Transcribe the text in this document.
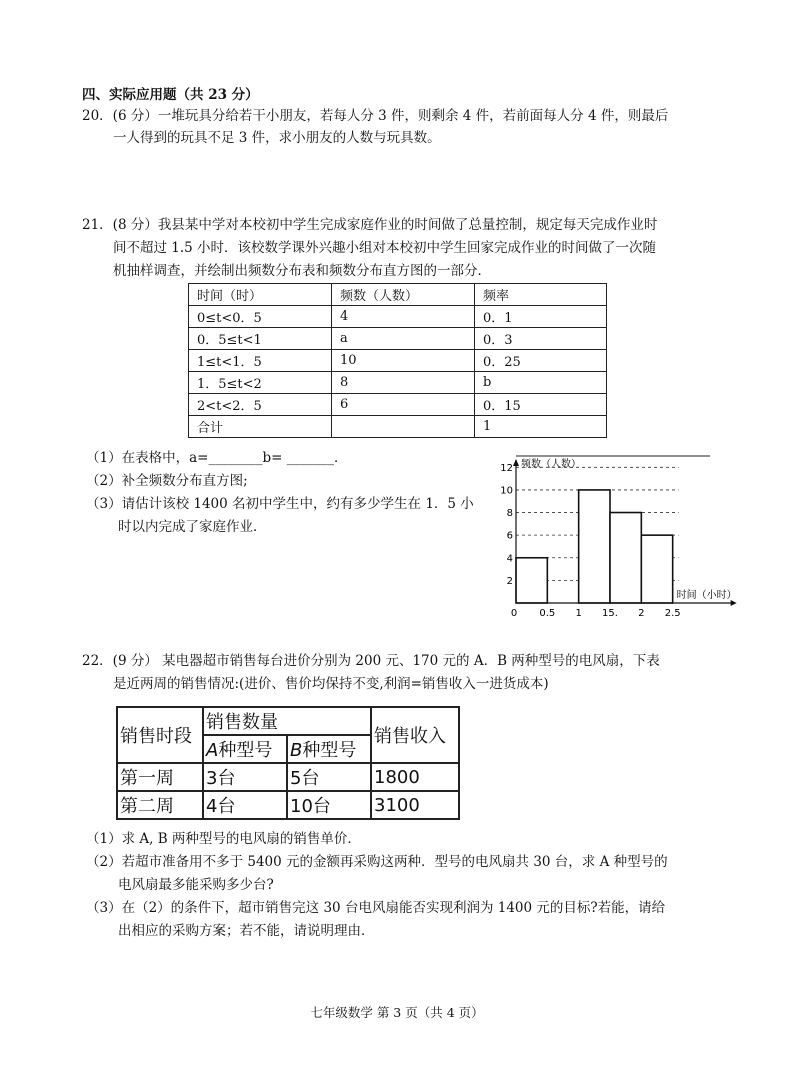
四、实际应用题（共 23 分）
20．(6 分）一堆玩具分给若干小朋友，若每人分 3 件，则剩余 4 件，若前面每人分 4 件，则最后
一人得到的玩具不足 3 件，求小朋友的人数与玩具数。
21．(8 分）我县某中学对本校初中学生完成家庭作业的时间做了总量控制，规定每天完成作业时
间不超过 1.5 小时．该校数学课外兴趣小组对本校初中学生回家完成作业的时间做了一次随
机抽样调查，并绘制出频数分布表和频数分布直方图的一部分．
时间（时）	频数（人数）	频率
0≤t<0．5	4	0．1
0．5≤t<1	a	0．3
1≤t<1．5	10	0．25
1．5≤t<2	8	b
2<t<2．5	6	0．15
合计		1
（1）在表格中，a=________b= _______．
（2）补全频数分布直方图;
（3）请估计该校 1400 名初中学生中，约有多少学生在 1．5 小
时以内完成了家庭作业．
2
4
6
8
10
12
0 0.5 1 15. 2 2.5
频数（人数）
时间（小时）
22．(9 分） 某电器超市销售每台进价分别为 200 元、170 元的 A．B 两种型号的电风扇，下表
是近两周的销售情况:(进价、售价均保持不变,利润=销售收入一进货成本)
销售时段	销售数量		销售收入
	A种型号	B种型号	
第一周	3台	5台	1800
第二周	4台	10台	3100
（1）求 A, B 两种型号的电风扇的销售单价．
（2）若超市准备用不多于 5400 元的金额再采购这两种．型号的电风扇共 30 台，求 A 种型号的
电风扇最多能采购多少台?
（3）在（2）的条件下，超市销售完这 30 台电风扇能否实现利润为 1400 元的目标?若能，请给
出相应的采购方案；若不能，请说明理由．
七年级数学 第 3 页（共 4 页）
